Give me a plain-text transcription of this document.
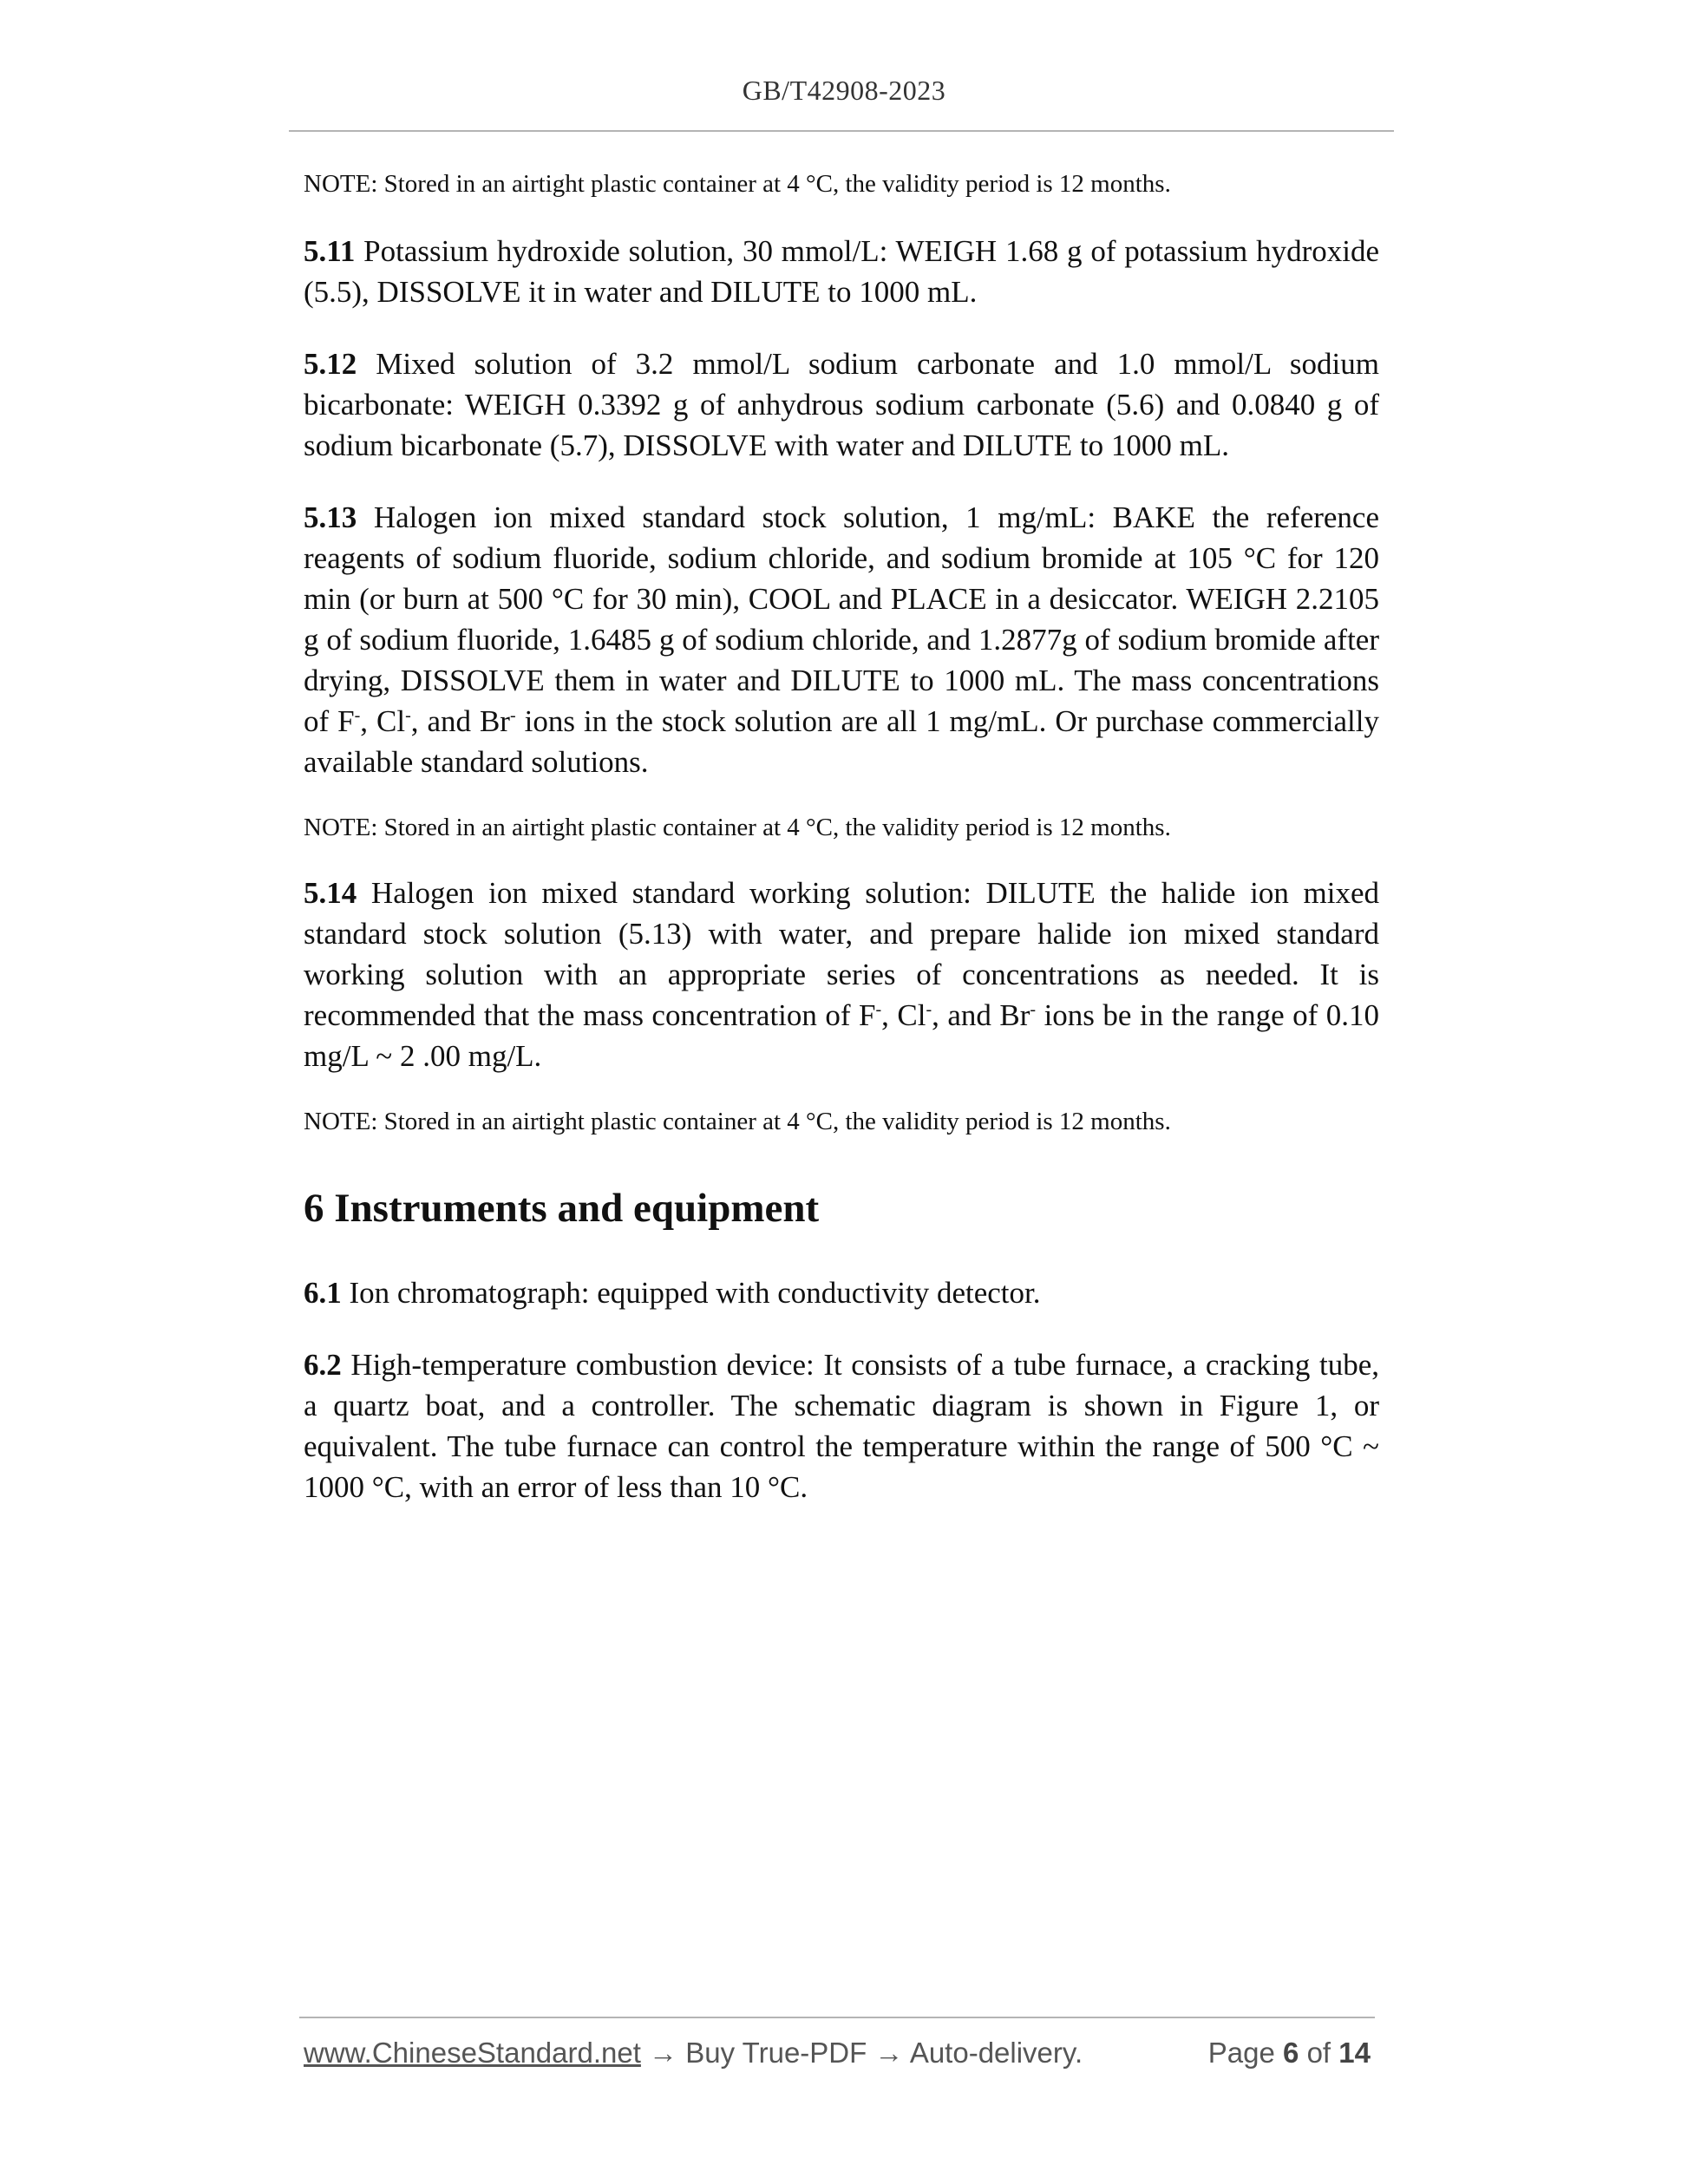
GB/T42908-2023

NOTE: Stored in an airtight plastic container at 4 °C, the validity period is 12 months.

5.11 Potassium hydroxide solution, 30 mmol/L: WEIGH 1.68 g of potassium hydroxide (5.5), DISSOLVE it in water and DILUTE to 1000 mL.

5.12 Mixed solution of 3.2 mmol/L sodium carbonate and 1.0 mmol/L sodium bicarbonate: WEIGH 0.3392 g of anhydrous sodium carbonate (5.6) and 0.0840 g of sodium bicarbonate (5.7), DISSOLVE with water and DILUTE to 1000 mL.

5.13 Halogen ion mixed standard stock solution, 1 mg/mL: BAKE the reference reagents of sodium fluoride, sodium chloride, and sodium bromide at 105 °C for 120 min (or burn at 500 °C for 30 min), COOL and PLACE in a desiccator. WEIGH 2.2105 g of sodium fluoride, 1.6485 g of sodium chloride, and 1.2877g of sodium bromide after drying, DISSOLVE them in water and DILUTE to 1000 mL. The mass concentrations of F-, Cl-, and Br- ions in the stock solution are all 1 mg/mL. Or purchase commercially available standard solutions.

NOTE: Stored in an airtight plastic container at 4 °C, the validity period is 12 months.

5.14 Halogen ion mixed standard working solution: DILUTE the halide ion mixed standard stock solution (5.13) with water, and prepare halide ion mixed standard working solution with an appropriate series of concentrations as needed. It is recommended that the mass concentration of F-, Cl-, and Br- ions be in the range of 0.10 mg/L ~ 2 .00 mg/L.

NOTE: Stored in an airtight plastic container at 4 °C, the validity period is 12 months.

6 Instruments and equipment

6.1 Ion chromatograph: equipped with conductivity detector.

6.2 High-temperature combustion device: It consists of a tube furnace, a cracking tube, a quartz boat, and a controller. The schematic diagram is shown in Figure 1, or equivalent. The tube furnace can control the temperature within the range of 500 °C ~ 1000 °C, with an error of less than 10 °C.

www.ChineseStandard.net → Buy True-PDF → Auto-delivery.	Page 6 of 14
